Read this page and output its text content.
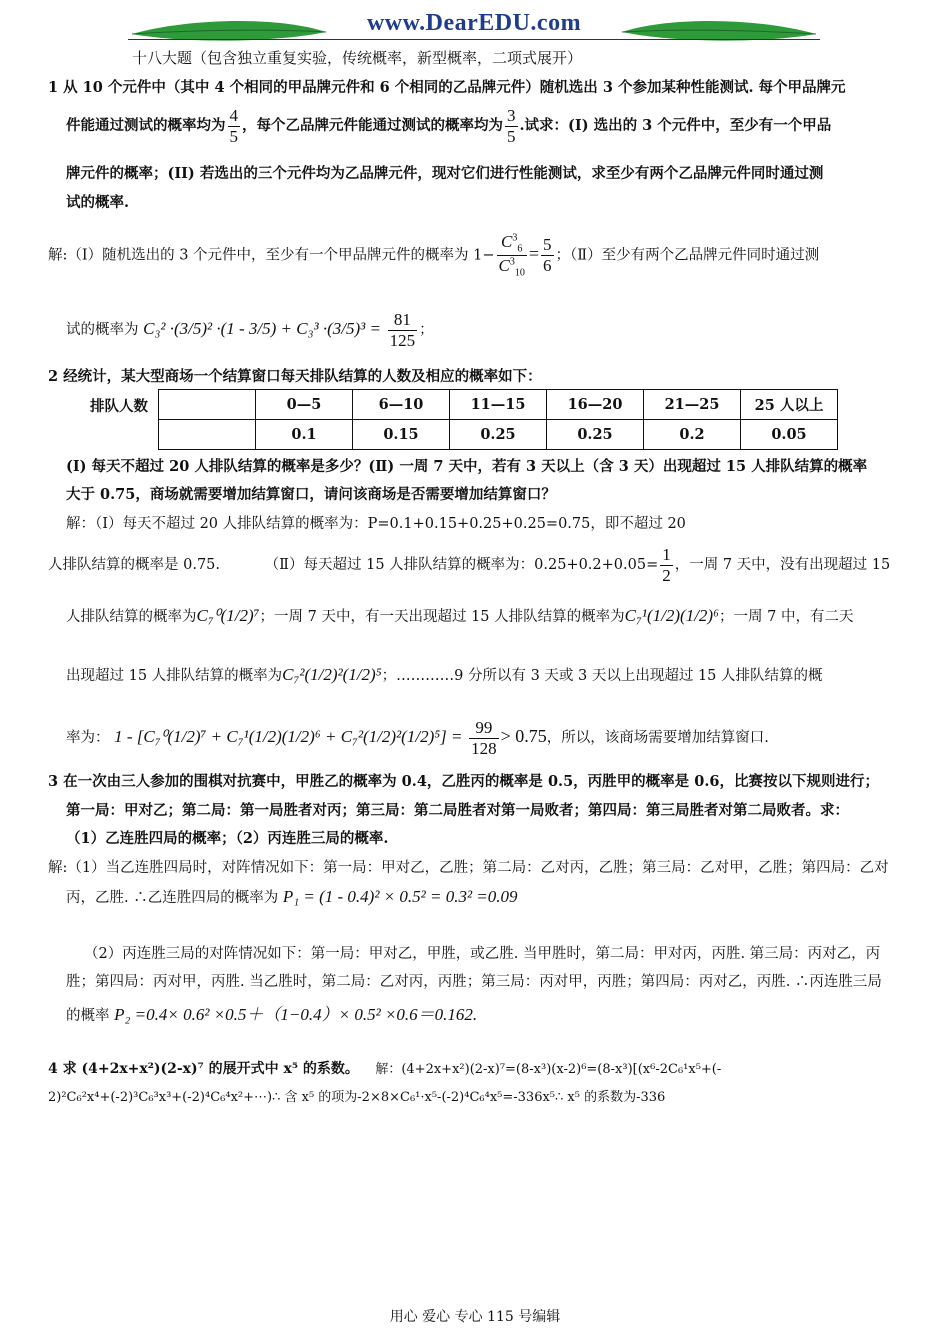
www.DearEDU.com
十八大题（包含独立重复实验，传统概率，新型概率，二项式展开）
1 从 10 个元件中（其中 4 个相同的甲品牌元件和 6 个相同的乙品牌元件）随机选出 3 个参加某种性能测试. 每个甲品牌元
件能通过测试的概率均为 $\frac{4}{5}$ ，每个乙品牌元件能通过测试的概率均为 $\frac{3}{5}$ .试求：(I) 选出的 3 个元件中，至少有一个甲品
牌元件的概率；(II) 若选出的三个元件均为乙品牌元件，现对它们进行性能测试，求至少有两个乙品牌元件同时通过测
试的概率.
解:（Ⅰ）随机选出的 3 个元件中，至少有一个甲品牌元件的概率为 $1- \frac{C^3_6}{C^3_{10}} = \frac{5}{6}$ ；（Ⅱ）至少有两个乙品牌元件同时通过测
试的概率为 $C_3^2 \cdot(3/5)^2 \cdot(1 - 3/5) + C_3^3 \cdot(3/5)^3 = \frac{81}{125}$ ；
2 经统计，某大型商场一个结算窗口每天排队结算的人数及相应的概率如下：
排队人数
		0—5	6—10	11—15	16—20	21—25	25 人以上
	0.1	0.15	0.25	0.25	0.2	0.05
(I) 每天不超过 20 人排队结算的概率是多少？(Ⅱ) 一周 7 天中，若有 3 天以上（含 3 天）出现超过 15 人排队结算的概率
大于 0.75，商场就需要增加结算窗口，请问该商场是否需要增加结算窗口？
解：（I）每天不超过 20 人排队结算的概率为：P=0.1+0.15+0.25+0.25=0.75，即不超过 20
人排队结算的概率是 0.75.	（Ⅱ）每天超过 15 人排队结算的概率为：$0.25+0.2+0.05= \frac{1}{2}$ ，一周 7 天中，没有出现超过 15
人排队结算的概率为C₇⁰(1/2)⁷；一周 7 天中，有一天出现超过 15 人排队结算的概率为C₇¹(1/2)(1/2)⁶；一周 7 中，有二天
出现超过 15 人排队结算的概率为C₇²(1/2)²(1/2)⁵；…………9 分所以有 3 天或 3 天以上出现超过 15 人排队结算的概
率为： $1 - [C_7^0(1/2)^7 + C_7^1(1/2)(1/2)^6 + C_7^2(1/2)^2(1/2)^5] = \frac{99}{128} > 0.75$，所以，该商场需要增加结算窗口.
3 在一次由三人参加的围棋对抗赛中，甲胜乙的概率为 0.4，乙胜丙的概率是 0.5，丙胜甲的概率是 0.6，比赛按以下规则进行；
第一局：甲对乙；第二局：第一局胜者对丙；第三局：第二局胜者对第一局败者；第四局：第三局胜者对第二局败者。求：
（1）乙连胜四局的概率；（2）丙连胜三局的概率.
解:（1）当乙连胜四局时，对阵情况如下：第一局：甲对乙，乙胜；第二局：乙对丙，乙胜；第三局：乙对甲，乙胜；第四局：乙对
丙，乙胜. ∴乙连胜四局的概率为 P₁ = (1 - 0.4)² × 0.5² = 0.3² =0.09
（2）丙连胜三局的对阵情况如下：第一局：甲对乙，甲胜，或乙胜. 当甲胜时，第二局：甲对丙，丙胜. 第三局：丙对乙，丙
胜；第四局：丙对甲，丙胜. 当乙胜时，第二局：乙对丙，丙胜；第三局：丙对甲，丙胜；第四局：丙对乙，丙胜. ∴丙连胜三局
的概率 P₂ =0.4× 0.6² ×0.5＋（1−0.4）× 0.5² ×0.6＝0.162.
4 求 (4+2x+x²)(2-x)⁷ 的展开式中 x⁵ 的系数。 解：(4+2x+x²)(2-x)⁷=(8-x³)(x-2)⁶=(8-x³)[(x⁶-2C₆¹x⁵+(-
2)²C₆²x⁴+(-2)³C₆³x³+(-2)⁴C₆⁴x²+⋯)∴ 含 x⁵ 的项为-2×8×C₆¹·x⁵-(-2)⁴C₆⁴x⁵=-336x⁵∴ x⁵ 的系数为-336
用心 爱心 专心 115 号编辑
